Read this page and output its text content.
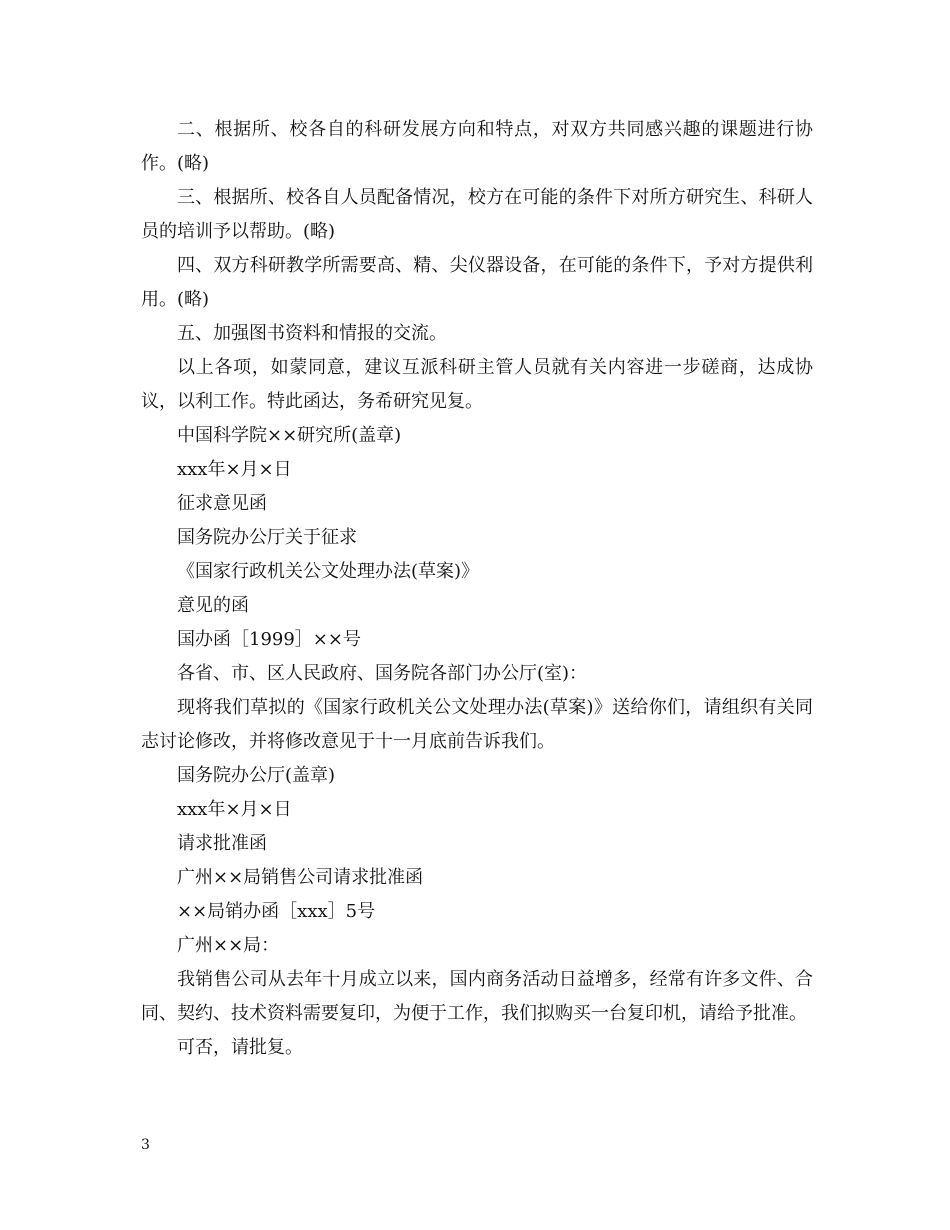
二、根据所、校各自的科研发展方向和特点，对双方共同感兴趣的课题进行协作。(略)

三、根据所、校各自人员配备情况，校方在可能的条件下对所方研究生、科研人员的培训予以帮助。(略)

四、双方科研教学所需要高、精、尖仪器设备，在可能的条件下，予对方提供利用。(略)

五、加强图书资料和情报的交流。

以上各项，如蒙同意，建议互派科研主管人员就有关内容进一步磋商，达成协议，以利工作。特此函达，务希研究见复。

中国科学院××研究所(盖章)

xxx年×月×日

征求意见函

国务院办公厅关于征求

《国家行政机关公文处理办法(草案)》

意见的函

国办函［1999］××号

各省、市、区人民政府、国务院各部门办公厅(室)：

现将我们草拟的《国家行政机关公文处理办法(草案)》送给你们，请组织有关同志讨论修改，并将修改意见于十一月底前告诉我们。

国务院办公厅(盖章)

xxx年×月×日

请求批准函

广州××局销售公司请求批准函

××局销办函［xxx］5号

广州××局：

我销售公司从去年十月成立以来，国内商务活动日益增多，经常有许多文件、合同、契约、技术资料需要复印，为便于工作，我们拟购买一台复印机，请给予批准。

可否，请批复。

3
